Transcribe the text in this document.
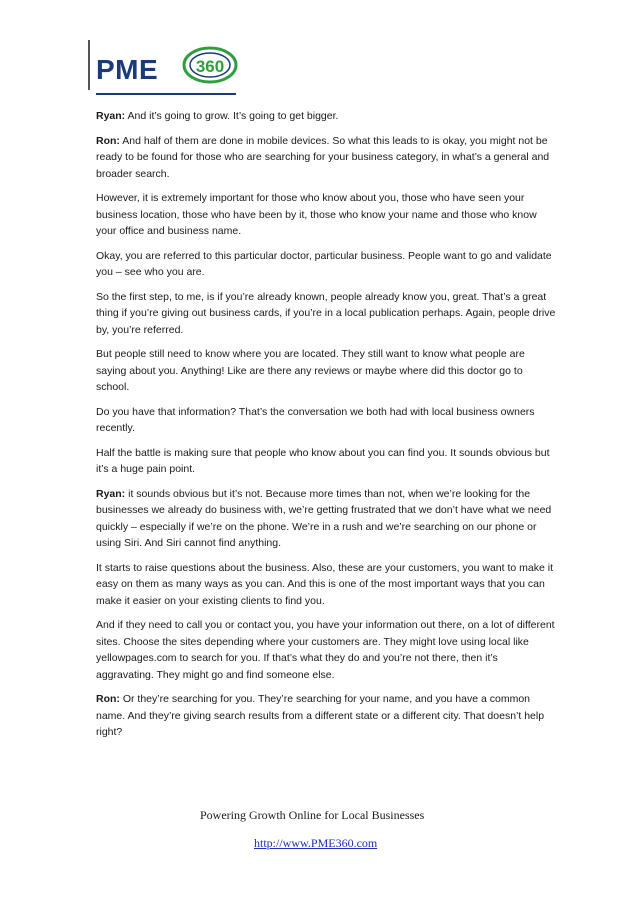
PME 360

Ryan: And it’s going to grow. It’s going to get bigger.

Ron: And half of them are done in mobile devices. So what this leads to is okay, you might not be ready to be found for those who are searching for your business category, in what’s a general and broader search.

However, it is extremely important for those who know about you, those who have seen your business location, those who have been by it, those who know your name and those who know your office and business name.

Okay, you are referred to this particular doctor, particular business. People want to go and validate you – see who you are.

So the first step, to me, is if you’re already known, people already know you, great. That’s a great thing if you’re giving out business cards, if you’re in a local publication perhaps. Again, people drive by, you’re referred.

But people still need to know where you are located. They still want to know what people are saying about you. Anything! Like are there any reviews or maybe where did this doctor go to school.

Do you have that information? That’s the conversation we both had with local business owners recently.

Half the battle is making sure that people who know about you can find you. It sounds obvious but it’s a huge pain point.

Ryan: it sounds obvious but it’s not. Because more times than not, when we’re looking for the businesses we already do business with, we’re getting frustrated that we don’t have what we need quickly – especially if we’re on the phone. We’re in a rush and we’re searching on our phone or using Siri. And Siri cannot find anything.

It starts to raise questions about the business. Also, these are your customers, you want to make it easy on them as many ways as you can. And this is one of the most important ways that you can make it easier on your existing clients to find you.

And if they need to call you or contact you, you have your information out there, on a lot of different sites. Choose the sites depending where your customers are. They might love using local like yellowpages.com to search for you. If that’s what they do and you’re not there, then it’s aggravating. They might go and find someone else.

Ron: Or they’re searching for you. They’re searching for your name, and you have a common name. And they’re giving search results from a different state or a different city. That doesn’t help right?

Powering Growth Online for Local Businesses
http://www.PME360.com
